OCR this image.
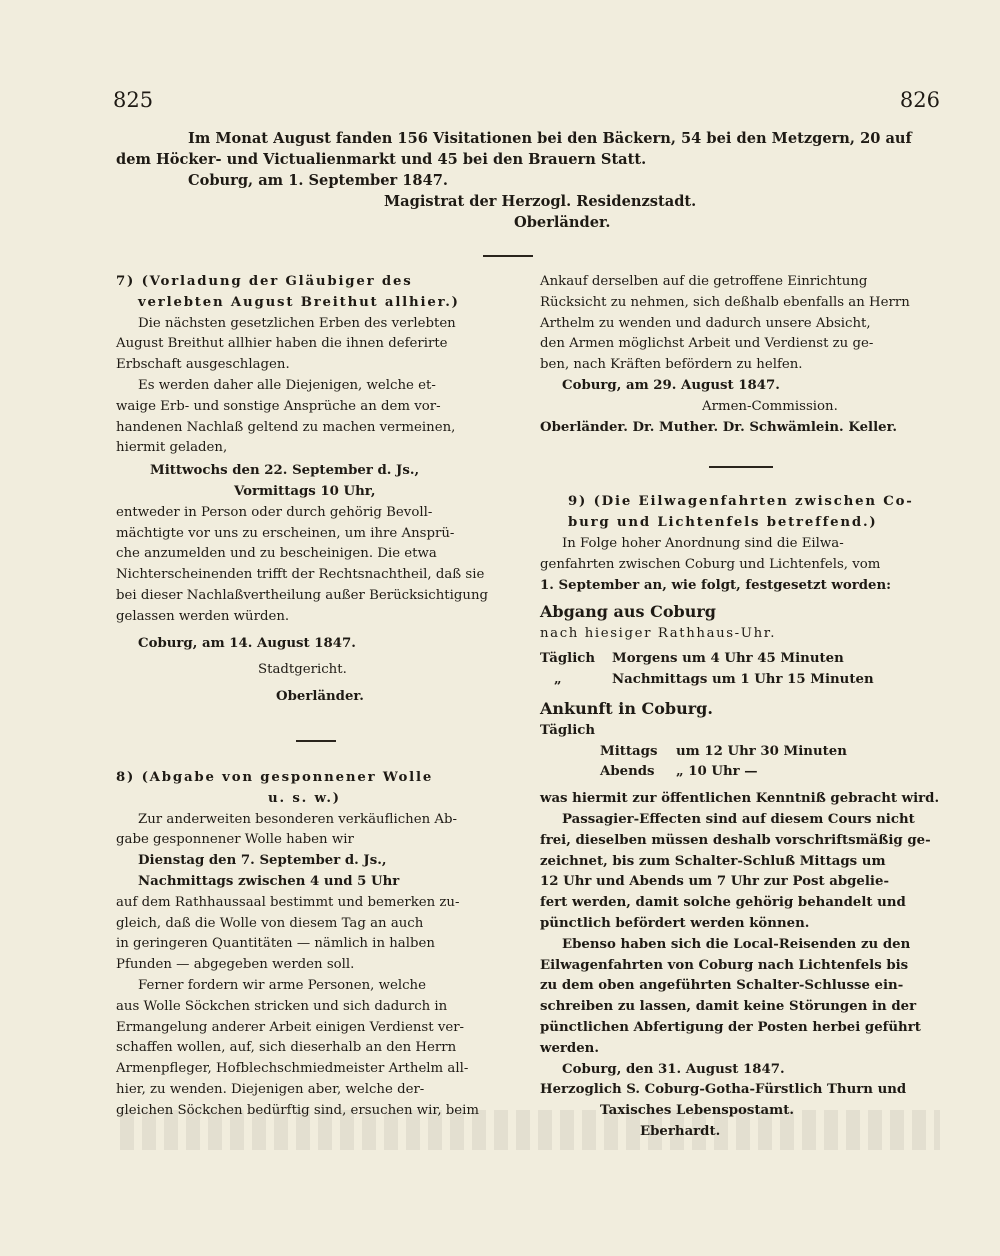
825	826

Im Monat August fanden 156 Visitationen bei den Bäckern, 54 bei den Metzgern, 20 auf

dem Höcker- und Victualienmarkt und 45 bei den Brauern Statt.

Coburg, am 1. September 1847.

Magistrat der Herzogl. Residenzstadt.

Oberländer.

7) (Vorladung der Gläubiger des

verlebten August Breithut allhier.)

Die nächsten gesetzlichen Erben des verlebten

August Breithut allhier haben die ihnen deferirte

Erbschaft ausgeschlagen.

Es werden daher alle Diejenigen, welche et-

waige Erb- und sonstige Ansprüche an dem vor-

handenen Nachlaß geltend zu machen vermeinen,

hiermit geladen,

Mittwochs den 22. September d. Js.,

Vormittags 10 Uhr,

entweder in Person oder durch gehörig Bevoll-

mächtigte vor uns zu erscheinen, um ihre Ansprü-

che anzumelden und zu bescheinigen. Die etwa

Nichterscheinenden trifft der Rechtsnachtheil, daß sie

bei dieser Nachlaßvertheilung außer Berücksichtigung

gelassen werden würden.

Coburg, am 14. August 1847.

Stadtgericht.

Oberländer.

8) (Abgabe von gesponnener Wolle

u. s. w.)

Zur anderweiten besonderen verkäuflichen Ab-

gabe gesponnener Wolle haben wir

Dienstag den 7. September d. Js.,

Nachmittags zwischen 4 und 5 Uhr

auf dem Rathhaussaal bestimmt und bemerken zu-

gleich, daß die Wolle von diesem Tag an auch

in geringeren Quantitäten — nämlich in halben

Pfunden — abgegeben werden soll.

Ferner fordern wir arme Personen, welche

aus Wolle Söckchen stricken und sich dadurch in

Ermangelung anderer Arbeit einigen Verdienst ver-

schaffen wollen, auf, sich dieserhalb an den Herrn

Armenpfleger, Hofblechschmiedmeister Arthelm all-

hier, zu wenden. Diejenigen aber, welche der-

gleichen Söckchen bedürftig sind, ersuchen wir, beim

Ankauf derselben auf die getroffene Einrichtung

Rücksicht zu nehmen, sich deßhalb ebenfalls an Herrn

Arthelm zu wenden und dadurch unsere Absicht,

den Armen möglichst Arbeit und Verdienst zu ge-

ben, nach Kräften befördern zu helfen.

Coburg, am 29. August 1847.

Armen-Commission.

Oberländer. Dr. Muther. Dr. Schwämlein. Keller.

9) (Die Eilwagenfahrten zwischen Co-

burg und Lichtenfels betreffend.)

In Folge hoher Anordnung sind die Eilwa-

genfahrten zwischen Coburg und Lichtenfels, vom

1. September an, wie folgt, festgesetzt worden:

Abgang aus Coburg

nach hiesiger Rathhaus-Uhr.

Täglich	Morgens um 4 Uhr 45 Minuten
„	Nachmittags um 1 Uhr 15 Minuten

Ankunft in Coburg.

Täglich

Mittags	um 12 Uhr 30 Minuten
Abends	„ 10 Uhr —

was hiermit zur öffentlichen Kenntniß gebracht wird.

Passagier-Effecten sind auf diesem Cours nicht

frei, dieselben müssen deshalb vorschriftsmäßig ge-

zeichnet, bis zum Schalter-Schluß Mittags um

12 Uhr und Abends um 7 Uhr zur Post abgelie-

fert werden, damit solche gehörig behandelt und

pünctlich befördert werden können.

Ebenso haben sich die Local-Reisenden zu den

Eilwagenfahrten von Coburg nach Lichtenfels bis

zu dem oben angeführten Schalter-Schlusse ein-

schreiben zu lassen, damit keine Störungen in der

pünctlichen Abfertigung der Posten herbei geführt

werden.

Coburg, den 31. August 1847.

Herzoglich S. Coburg-Gotha-Fürstlich Thurn und

Taxisches Lebenspostamt.

Eberhardt.
